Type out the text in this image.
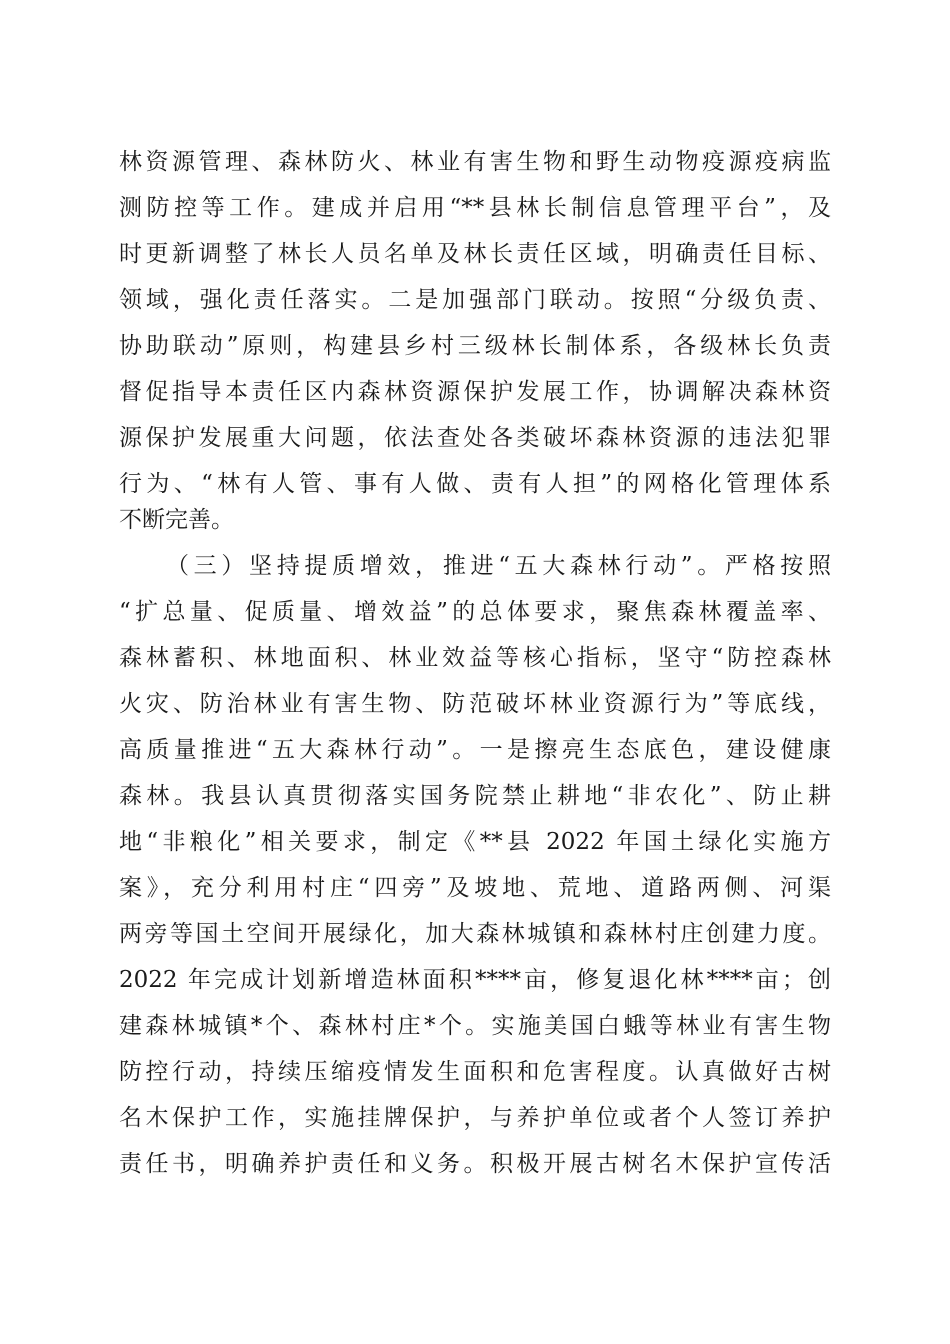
林资源管理、森林防火、林业有害生物和野生动物疫源疫病监
测防控等工作。建成并启用“**县林长制信息管理平台”，及
时更新调整了林长人员名单及林长责任区域，明确责任目标、
领域，强化责任落实。二是加强部门联动。按照“分级负责、
协助联动”原则，构建县乡村三级林长制体系，各级林长负责
督促指导本责任区内森林资源保护发展工作，协调解决森林资
源保护发展重大问题，依法查处各类破坏森林资源的违法犯罪
行为、“林有人管、事有人做、责有人担”的网格化管理体系
不断完善。
（三）坚持提质增效，推进“五大森林行动”。严格按照
“扩总量、促质量、增效益”的总体要求，聚焦森林覆盖率、
森林蓄积、林地面积、林业效益等核心指标，坚守“防控森林
火灾、防治林业有害生物、防范破坏林业资源行为”等底线，
高质量推进“五大森林行动”。一是擦亮生态底色，建设健康
森林。我县认真贯彻落实国务院禁止耕地“非农化”、防止耕
地“非粮化”相关要求，制定《**县 2022 年国土绿化实施方
案》，充分利用村庄“四旁”及坡地、荒地、道路两侧、河渠
两旁等国土空间开展绿化，加大森林城镇和森林村庄创建力度。
2022 年完成计划新增造林面积****亩，修复退化林****亩；创
建森林城镇*个、森林村庄*个。实施美国白蛾等林业有害生物
防控行动，持续压缩疫情发生面积和危害程度。认真做好古树
名木保护工作，实施挂牌保护，与养护单位或者个人签订养护
责任书，明确养护责任和义务。积极开展古树名木保护宣传活
